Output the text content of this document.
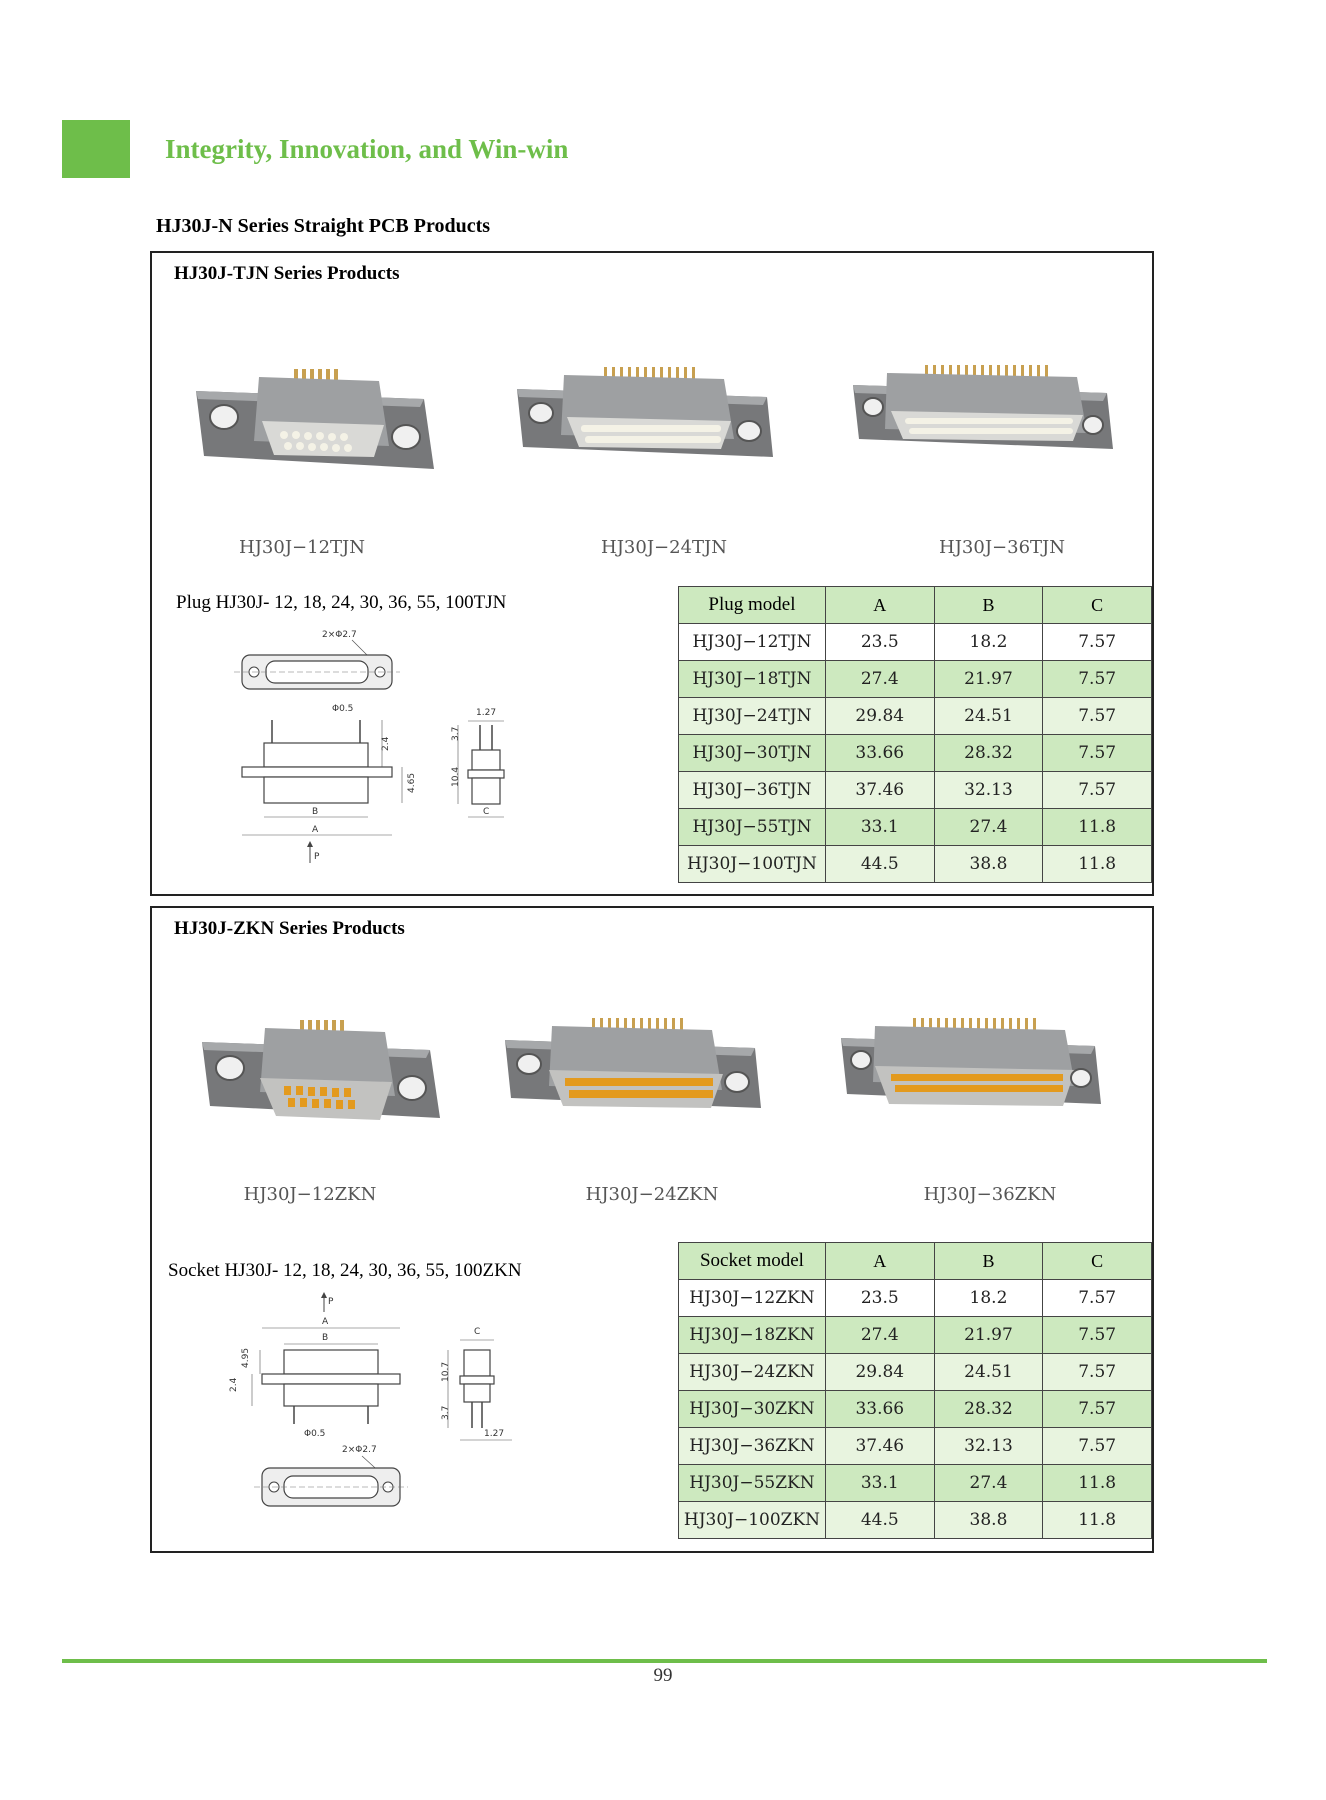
Integrity, Innovation, and Win-win
HJ30J-N Series Straight PCB Products
HJ30J-TJN Series Products
HJ30J−12TJN	HJ30J−24TJN	HJ30J−36TJN
Plug HJ30J- 12, 18, 24, 30, 36, 55, 100TJN
2×Φ2.7
Φ0.5
2.4
4.65
B
A
P
1.27
3.7
10.4
C
Plug model	A	B	C
HJ30J−12TJN	23.5	18.2	7.57
HJ30J−18TJN	27.4	21.97	7.57
HJ30J−24TJN	29.84	24.51	7.57
HJ30J−30TJN	33.66	28.32	7.57
HJ30J−36TJN	37.46	32.13	7.57
HJ30J−55TJN	33.1	27.4	11.8
HJ30J−100TJN	44.5	38.8	11.8
HJ30J-ZKN Series Products
HJ30J−12ZKN	HJ30J−24ZKN	HJ30J−36ZKN
Socket HJ30J- 12, 18, 24, 30, 36, 55, 100ZKN
P
A
B
2.4
4.95
Φ0.5
2×Φ2.7
C
10.7
3.7
1.27
Socket model	A	B	C
HJ30J−12ZKN	23.5	18.2	7.57
HJ30J−18ZKN	27.4	21.97	7.57
HJ30J−24ZKN	29.84	24.51	7.57
HJ30J−30ZKN	33.66	28.32	7.57
HJ30J−36ZKN	37.46	32.13	7.57
HJ30J−55ZKN	33.1	27.4	11.8
HJ30J−100ZKN	44.5	38.8	11.8
99
